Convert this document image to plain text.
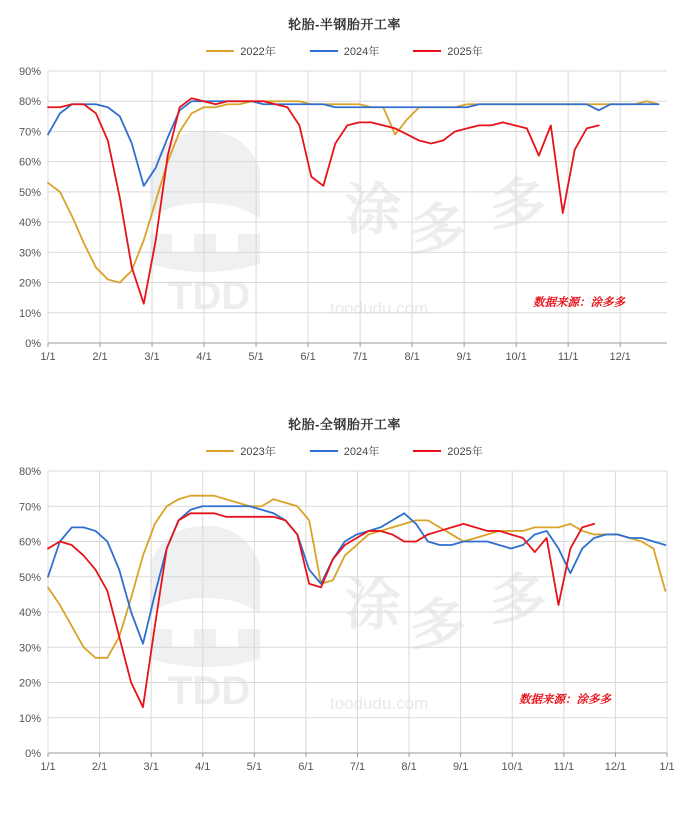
轮胎-半钢胎开工率
2022年	2024年	2025年
TDD
涂 多 多
toodudu.com
0%
10%
20%
30%
40%
50%
60%
70%
80%
90%
1/1	2/1	3/1	4/1	5/1	6/1	7/1	8/1	9/1	10/1	11/1	12/1
数据来源：涂多多
轮胎-全钢胎开工率
2023年	2024年	2025年
TDD
涂 多 多
toodudu.com
0%
10%
20%
30%
40%
50%
60%
70%
80%
1/1	2/1	3/1	4/1	5/1	6/1	7/1	8/1	9/1	10/1	11/1	12/1	1/1
数据来源：涂多多
